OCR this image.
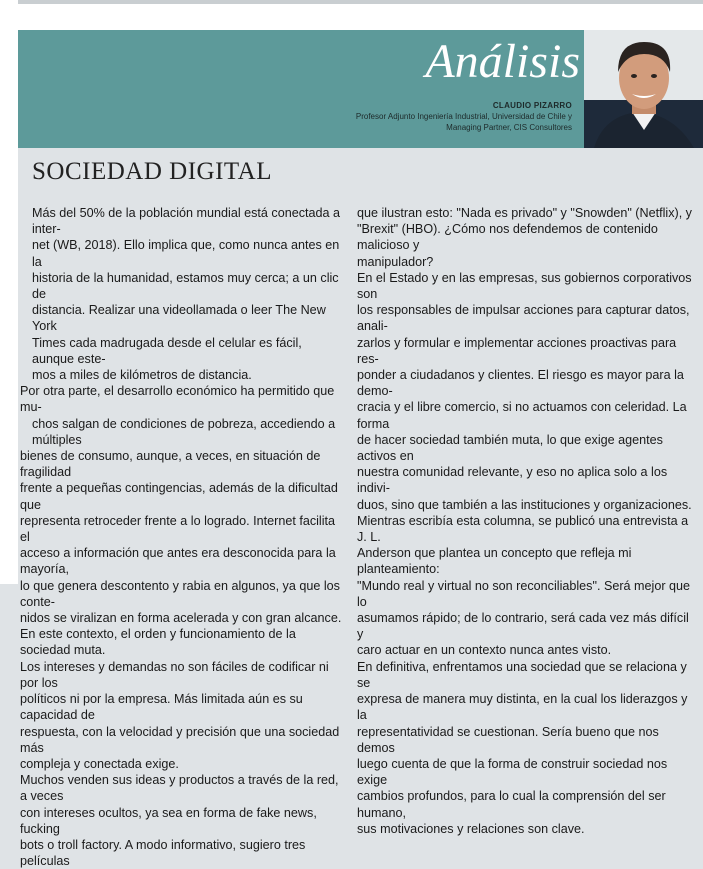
Análisis
CLAUDIO PIZARRO
Profesor Adjunto Ingeniería Industrial, Universidad de Chile y
Managing Partner, CIS Consultores
SOCIEDAD DIGITAL

Más del 50% de la población mundial está conectada a inter-

net (WB, 2018). Ello implica que, como nunca antes en la

historia de la humanidad, estamos muy cerca; a un clic de

distancia. Realizar una videollamada o leer The New York

Times cada madrugada desde el celular es fácil, aunque este-

mos a miles de kilómetros de distancia.

Por otra parte, el desarrollo económico ha permitido que mu-

chos salgan de condiciones de pobreza, accediendo a múltiples

bienes de consumo, aunque, a veces, en situación de fragilidad

frente a pequeñas contingencias, además de la dificultad que

representa retroceder frente a lo logrado. Internet facilita el

acceso a información que antes era desconocida para la mayoría,

lo que genera descontento y rabia en algunos, ya que los conte-

nidos se viralizan en forma acelerada y con gran alcance.

En este contexto, el orden y funcionamiento de la sociedad muta.

Los intereses y demandas no son fáciles de codificar ni por los

políticos ni por la empresa. Más limitada aún es su capacidad de

respuesta, con la velocidad y precisión que una sociedad más

compleja y conectada exige.

Muchos venden sus ideas y productos a través de la red, a veces

con intereses ocultos, ya sea en forma de fake news, fucking

bots o troll factory. A modo informativo, sugiero tres películas

que ilustran esto: "Nada es privado" y "Snowden" (Netflix), y

"Brexit" (HBO). ¿Cómo nos defendemos de contenido malicioso y

manipulador?

En el Estado y en las empresas, sus gobiernos corporativos son

los responsables de impulsar acciones para capturar datos, anali-

zarlos y formular e implementar acciones proactivas para res-

ponder a ciudadanos y clientes. El riesgo es mayor para la demo-

cracia y el libre comercio, si no actuamos con celeridad. La forma

de hacer sociedad también muta, lo que exige agentes activos en

nuestra comunidad relevante, y eso no aplica solo a los indivi-

duos, sino que también a las instituciones y organizaciones.

Mientras escribía esta columna, se publicó una entrevista a J. L.

Anderson que plantea un concepto que refleja mi planteamiento:

"Mundo real y virtual no son reconciliables". Será mejor que lo

asumamos rápido; de lo contrario, será cada vez más difícil y

caro actuar en un contexto nunca antes visto.

En definitiva, enfrentamos una sociedad que se relaciona y se

expresa de manera muy distinta, en la cual los liderazgos y la

representatividad se cuestionan. Sería bueno que nos demos

luego cuenta de que la forma de construir sociedad nos exige

cambios profundos, para lo cual la comprensión del ser humano,

sus motivaciones y relaciones son clave.
